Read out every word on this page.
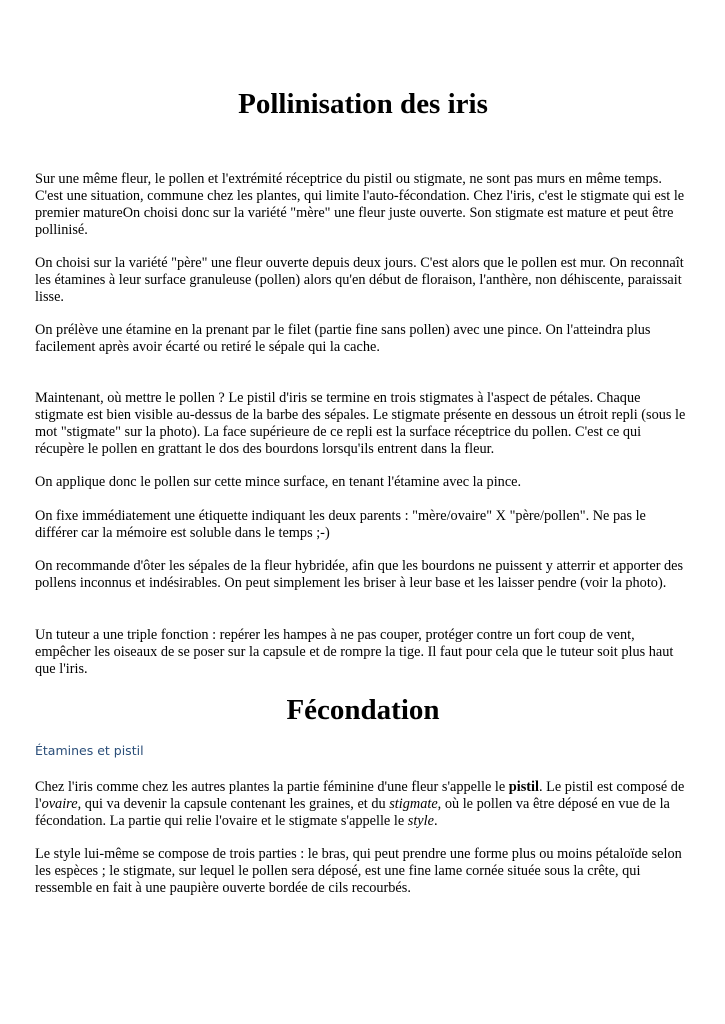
Pollinisation des iris

Sur une même fleur, le pollen et l'extrémité réceptrice du pistil ou stigmate, ne sont pas murs en même temps. C'est une situation, commune chez les plantes, qui limite l'auto-fécondation. Chez l'iris, c'est le stigmate qui est le premier matureOn choisi donc sur la variété "mère" une fleur juste ouverte. Son stigmate est mature et peut être pollinisé.

On choisi sur la variété "père" une fleur ouverte depuis deux jours. C'est alors que le pollen est mur. On reconnaît les étamines à leur surface granuleuse (pollen) alors qu'en début de floraison, l'anthère, non déhiscente, paraissait lisse.

On prélève une étamine en la prenant par le filet (partie fine sans pollen) avec une pince. On l'atteindra plus facilement après avoir écarté ou retiré le sépale qui la cache.

Maintenant, où mettre le pollen ? Le pistil d'iris se termine en trois stigmates à l'aspect de pétales. Chaque stigmate est bien visible au-dessus de la barbe des sépales. Le stigmate présente en dessous un étroit repli (sous le mot "stigmate" sur la photo). La face supérieure de ce repli est la surface réceptrice du pollen. C'est ce qui récupère le pollen en grattant le dos des bourdons lorsqu'ils entrent dans la fleur.

On applique donc le pollen sur cette mince surface, en tenant l'étamine avec la pince.

On fixe immédiatement une étiquette indiquant les deux parents : "mère/ovaire" X "père/pollen". Ne pas le différer car la mémoire est soluble dans le temps ;-)

On recommande d'ôter les sépales de la fleur hybridée, afin que les bourdons ne puissent y atterrir et apporter des pollens inconnus et indésirables. On peut simplement les briser à leur base et les laisser pendre (voir la photo).

Un tuteur a une triple fonction : repérer les hampes à ne pas couper, protéger contre un fort coup de vent, empêcher les oiseaux de se poser sur la capsule et de rompre la tige. Il faut pour cela que le tuteur soit plus haut que l'iris.

Fécondation
Étamines et pistil

Chez l'iris comme chez les autres plantes la partie féminine d'une fleur s'appelle le pistil. Le pistil est composé de l'ovaire, qui va devenir la capsule contenant les graines, et du stigmate, où le pollen va être déposé en vue de la fécondation. La partie qui relie l'ovaire et le stigmate s'appelle le style.

Le style lui-même se compose de trois parties : le bras, qui peut prendre une forme plus ou moins pétaloïde selon les espèces ; le stigmate, sur lequel le pollen sera déposé, est une fine lame cornée située sous la crête, qui ressemble en fait à une paupière ouverte bordée de cils recourbés.
